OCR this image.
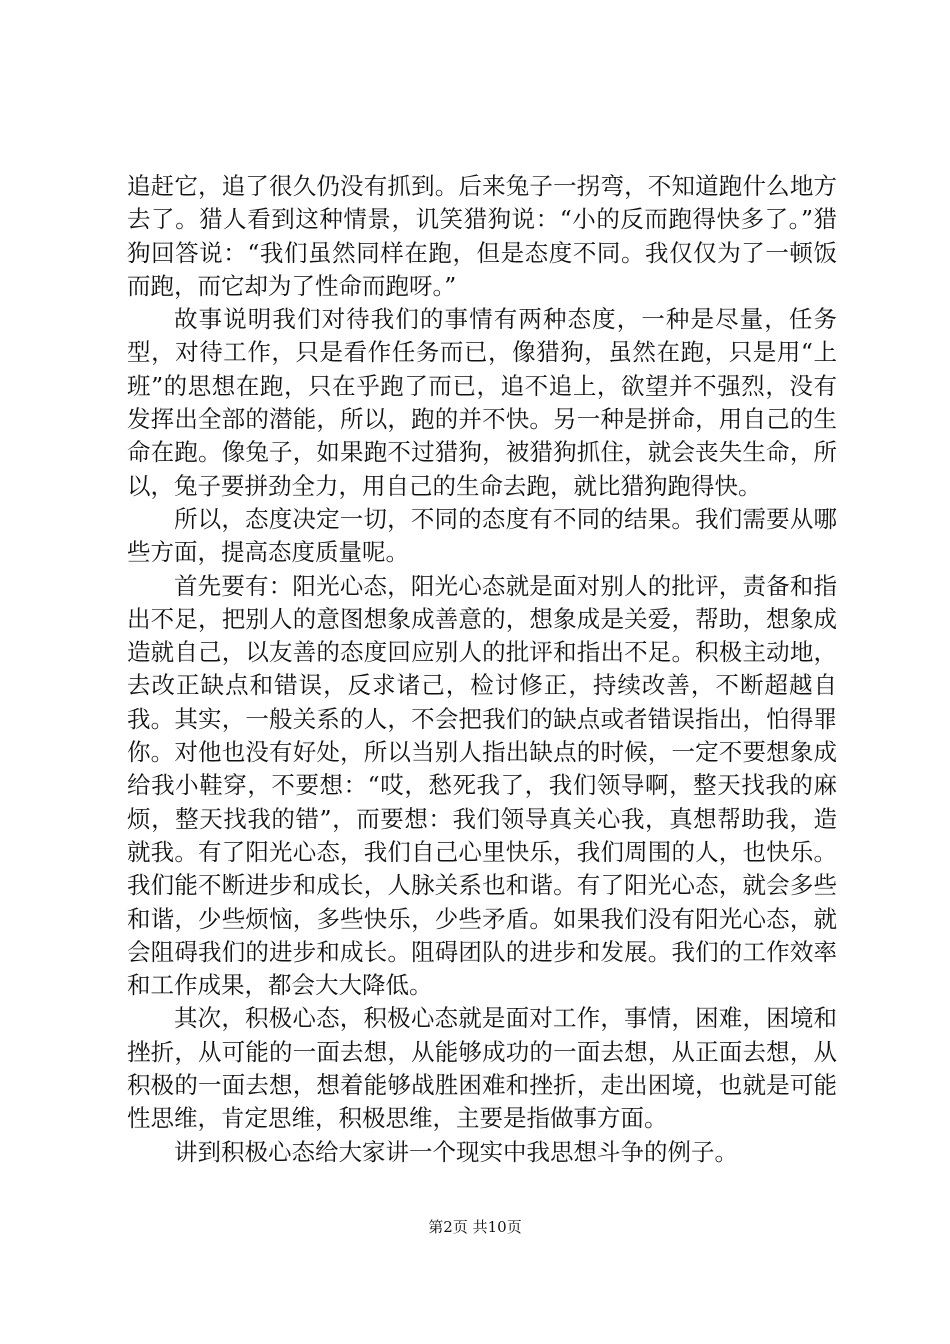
追赶它，追了很久仍没有抓到。后来兔子一拐弯，不知道跑什么地方去了。猎人看到这种情景，讥笑猎狗说：“小的反而跑得快多了。”猎狗回答说：“我们虽然同样在跑，但是态度不同。我仅仅为了一顿饭而跑，而它却为了性命而跑呀。”

故事说明我们对待我们的事情有两种态度，一种是尽量，任务型，对待工作，只是看作任务而已，像猎狗，虽然在跑，只是用“上班”的思想在跑，只在乎跑了而已，追不追上，欲望并不强烈，没有发挥出全部的潜能，所以，跑的并不快。另一种是拼命，用自己的生命在跑。像兔子，如果跑不过猎狗，被猎狗抓住，就会丧失生命，所以，兔子要拼劲全力，用自己的生命去跑，就比猎狗跑得快。

所以，态度决定一切，不同的态度有不同的结果。我们需要从哪些方面，提高态度质量呢。

首先要有：阳光心态，阳光心态就是面对别人的批评，责备和指出不足，把别人的意图想象成善意的，想象成是关爱，帮助，想象成造就自己，以友善的态度回应别人的批评和指出不足。积极主动地，去改正缺点和错误，反求诸己，检讨修正，持续改善，不断超越自我。其实，一般关系的人，不会把我们的缺点或者错误指出，怕得罪你。对他也没有好处，所以当别人指出缺点的时候，一定不要想象成给我小鞋穿，不要想：“哎，愁死我了，我们领导啊，整天找我的麻烦，整天找我的错”，而要想：我们领导真关心我，真想帮助我，造就我。有了阳光心态，我们自己心里快乐，我们周围的人，也快乐。我们能不断进步和成长，人脉关系也和谐。有了阳光心态，就会多些和谐，少些烦恼，多些快乐，少些矛盾。如果我们没有阳光心态，就会阻碍我们的进步和成长。阻碍团队的进步和发展。我们的工作效率和工作成果，都会大大降低。

其次，积极心态，积极心态就是面对工作，事情，困难，困境和挫折，从可能的一面去想，从能够成功的一面去想，从正面去想，从积极的一面去想，想着能够战胜困难和挫折，走出困境，也就是可能性思维，肯定思维，积极思维，主要是指做事方面。

讲到积极心态给大家讲一个现实中我思想斗争的例子。

第2页 共10页
